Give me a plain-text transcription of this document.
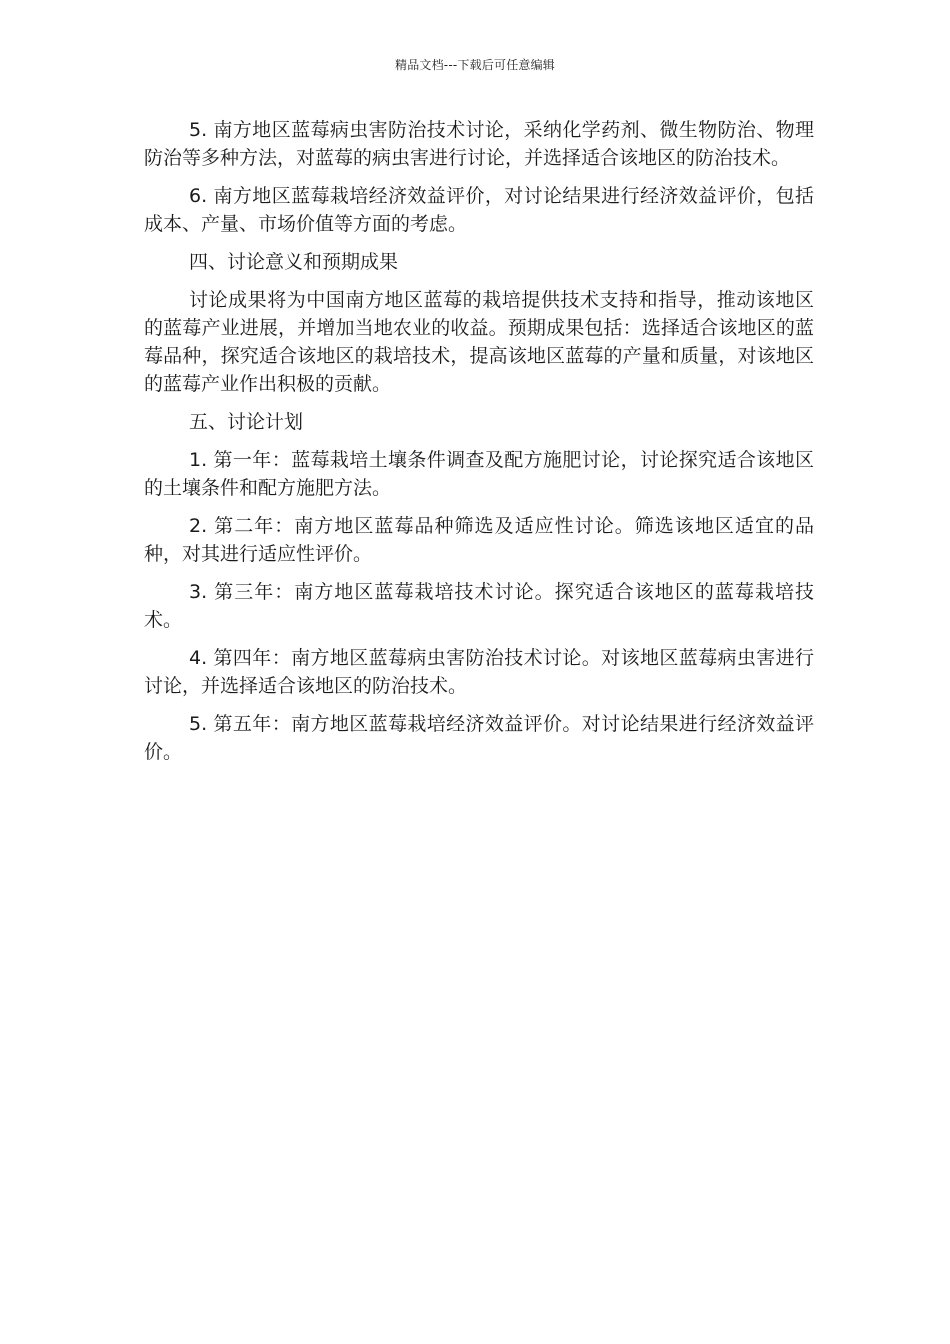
精品文档---下载后可任意编辑

5. 南方地区蓝莓病虫害防治技术讨论，采纳化学药剂、微生物防治、物理防治等多种方法，对蓝莓的病虫害进行讨论，并选择适合该地区的防治技术。

6. 南方地区蓝莓栽培经济效益评价，对讨论结果进行经济效益评价，包括成本、产量、市场价值等方面的考虑。

四、讨论意义和预期成果

讨论成果将为中国南方地区蓝莓的栽培提供技术支持和指导，推动该地区的蓝莓产业进展，并增加当地农业的收益。预期成果包括：选择适合该地区的蓝莓品种，探究适合该地区的栽培技术，提高该地区蓝莓的产量和质量，对该地区的蓝莓产业作出积极的贡献。

五、讨论计划

1. 第一年：蓝莓栽培土壤条件调查及配方施肥讨论，讨论探究适合该地区的土壤条件和配方施肥方法。

2. 第二年：南方地区蓝莓品种筛选及适应性讨论。筛选该地区适宜的品种，对其进行适应性评价。

3. 第三年：南方地区蓝莓栽培技术讨论。探究适合该地区的蓝莓栽培技术。

4. 第四年：南方地区蓝莓病虫害防治技术讨论。对该地区蓝莓病虫害进行讨论，并选择适合该地区的防治技术。

5. 第五年：南方地区蓝莓栽培经济效益评价。对讨论结果进行经济效益评价。
